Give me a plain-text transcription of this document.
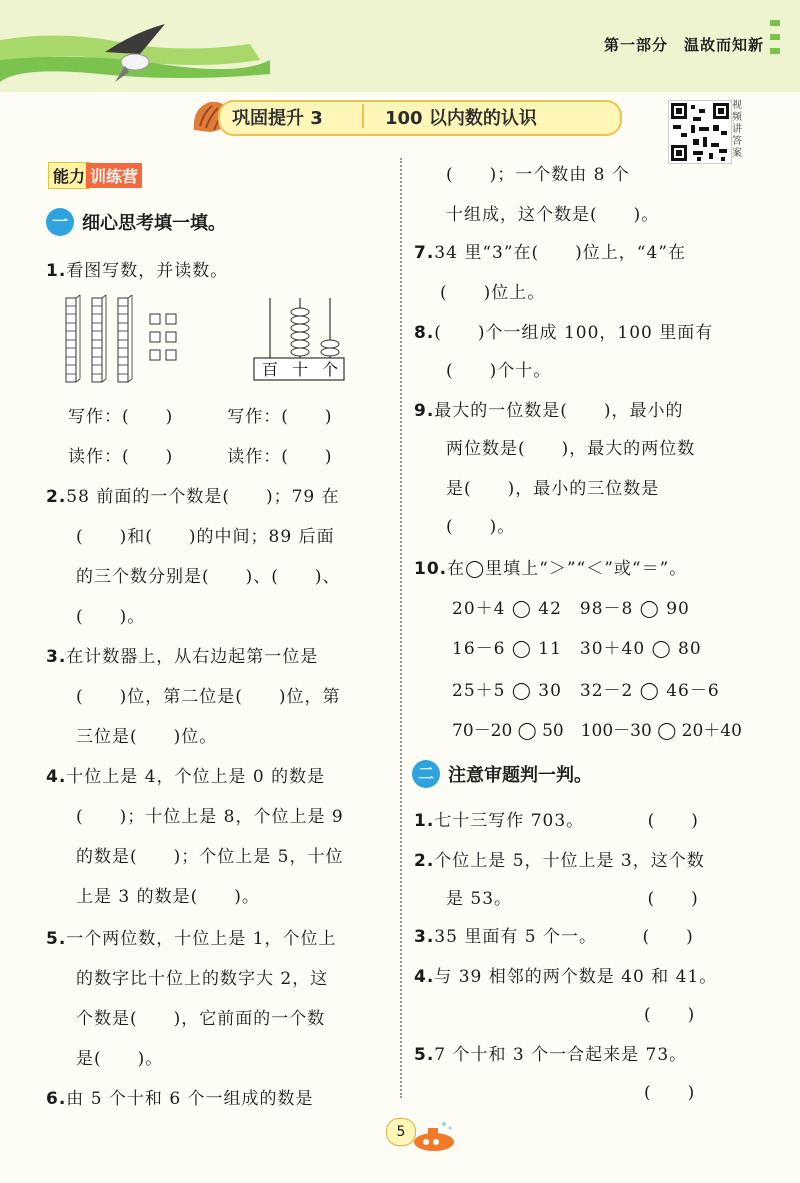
第一部分　温故而知新
巩固提升 3	100 以内数的认识
视
频
讲
答
案
能力 训练营
一 细心思考填一填。
1.看图写数，并读数。
百 十 个
写作：(　　)　　　写作：(　　)
读作：(　　)　　　读作：(　　)
2.58 前面的一个数是(　　)；79 在
(　　)和(　　)的中间；89 后面
的三个数分别是(　　)、(　　)、
(　　)。
3.在计数器上，从右边起第一位是
(　　)位，第二位是(　　)位，第
三位是(　　)位。
4.十位上是 4，个位上是 0 的数是
(　　)；十位上是 8，个位上是 9
的数是(　　)；个位上是 5，十位
上是 3 的数是(　　)。
5.一个两位数，十位上是 1，个位上
的数字比十位上的数字大 2，这
个数是(　　)，它前面的一个数
是(　　)。
6.由 5 个十和 6 个一组成的数是
(　　)；一个数由 8 个
十组成，这个数是(　　)。
7.34 里“3”在(　　)位上，“4”在
(　　)位上。
8.(　　)个一组成 100，100 里面有
(　　)个十。
9.最大的一位数是(　　)，最小的
两位数是(　　)，最大的两位数
是(　　)，最小的三位数是
(　　)。
10.在◯里填上“＞”“＜”或“＝”。
20＋4 ◯ 42　98－8 ◯ 90
16－6 ◯ 11　30＋40 ◯ 80
25＋5 ◯ 30　32－2 ◯ 46－6
70－20 ◯ 50　100－30 ◯ 20＋40
二 注意审题判一判。
1.七十三写作 703。　　　　(　　)
2.个位上是 5，十位上是 3，这个数
是 53。　　　　　　　　(　　)
3.35 里面有 5 个一。　　　(　　)
4.与 39 相邻的两个数是 40 和 41。
　　　　　　　　　　　(　　)
5.7 个十和 3 个一合起来是 73。
　　　　　　　　　　　(　　)
5
